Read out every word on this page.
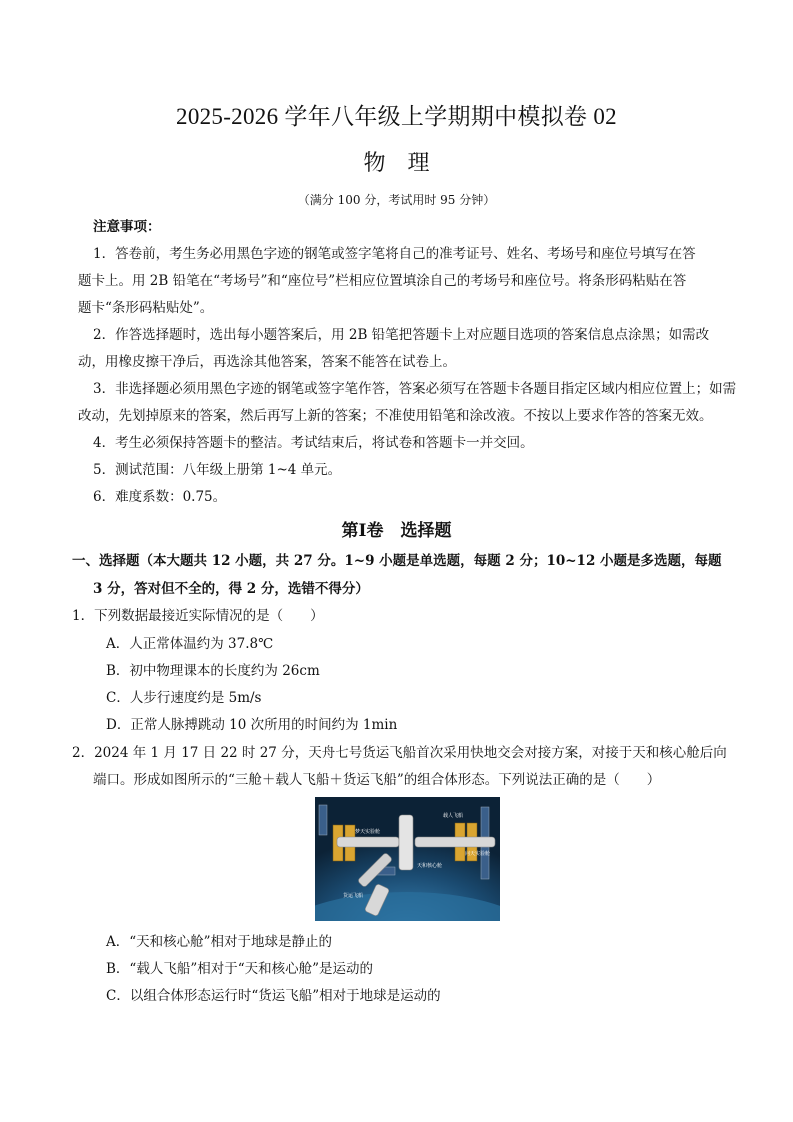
2025-2026 学年八年级上学期期中模拟卷 02
物理
（满分 100 分，考试用时 95 分钟）
注意事项：
1．答卷前，考生务必用黑色字迹的钢笔或签字笔将自己的准考证号、姓名、考场号和座位号填写在答
题卡上。用 2B 铅笔在“考场号”和“座位号”栏相应位置填涂自己的考场号和座位号。将条形码粘贴在答
题卡“条形码粘贴处”。
2．作答选择题时，选出每小题答案后，用 2B 铅笔把答题卡上对应题目选项的答案信息点涂黑；如需改
动，用橡皮擦干净后，再选涂其他答案，答案不能答在试卷上。
3．非选择题必须用黑色字迹的钢笔或签字笔作答，答案必须写在答题卡各题目指定区域内相应位置上；如需
改动，先划掉原来的答案，然后再写上新的答案；不准使用铅笔和涂改液。不按以上要求作答的答案无效。
4．考生必须保持答题卡的整洁。考试结束后，将试卷和答题卡一并交回。
5．测试范围：八年级上册第 1~4 单元。
6．难度系数：0.75。
第Ⅰ卷　选择题
一、选择题（本大题共 12 小题，共 27 分。1~9 小题是单选题，每题 2 分；10~12 小题是多选题，每题
3 分，答对但不全的，得 2 分，选错不得分）
1．下列数据最接近实际情况的是（　　）
A．人正常体温约为 37.8℃
B．初中物理课本的长度约为 26cm
C．人步行速度约是 5m/s
D．正常人脉搏跳动 10 次所用的时间约为 1min
2．2024 年 1 月 17 日 22 时 27 分，天舟七号货运飞船首次采用快地交会对接方案，对接于天和核心舱后向
端口。形成如图所示的“三舱＋载人飞船＋货运飞船”的组合体形态。下列说法正确的是（　　）
梦天实验舱
载人飞船
问天实验舱
天和核心舱
货运飞船
A．“天和核心舱”相对于地球是静止的
B．“载人飞船”相对于“天和核心舱”是运动的
C．以组合体形态运行时“货运飞船”相对于地球是运动的
